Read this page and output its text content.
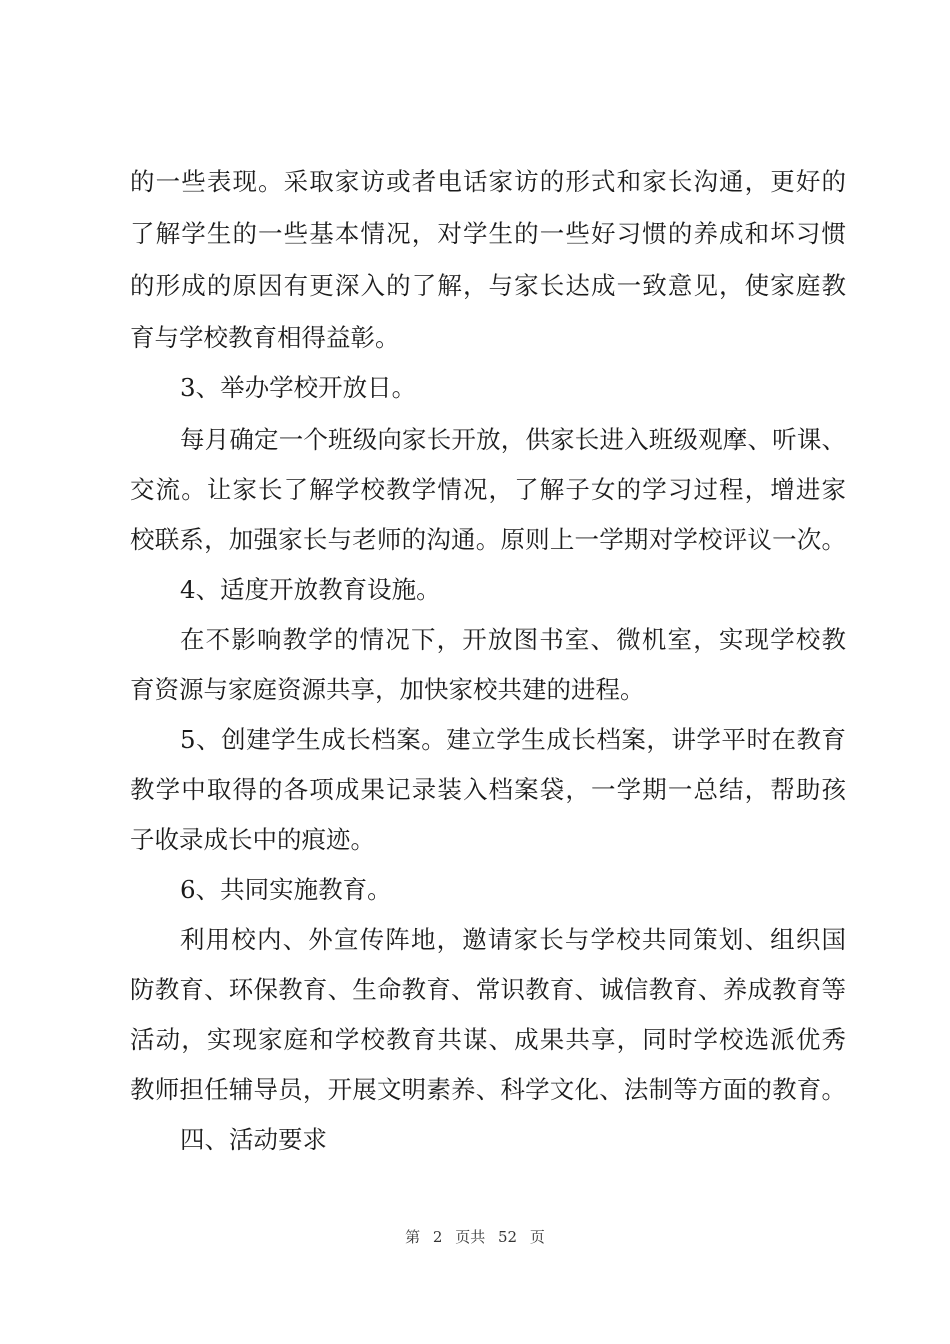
的一些表现。采取家访或者电话家访的形式和家长沟通，更好的
了解学生的一些基本情况，对学生的一些好习惯的养成和坏习惯
的形成的原因有更深入的了解，与家长达成一致意见，使家庭教
育与学校教育相得益彰。
3、举办学校开放日。
每月确定一个班级向家长开放，供家长进入班级观摩、听课、
交流。让家长了解学校教学情况，了解子女的学习过程，增进家
校联系，加强家长与老师的沟通。原则上一学期对学校评议一次。
4、适度开放教育设施。
在不影响教学的情况下，开放图书室、微机室，实现学校教
育资源与家庭资源共享，加快家校共建的进程。
5、创建学生成长档案。建立学生成长档案，讲学平时在教育
教学中取得的各项成果记录装入档案袋，一学期一总结，帮助孩
子收录成长中的痕迹。
6、共同实施教育。
利用校内、外宣传阵地，邀请家长与学校共同策划、组织国
防教育、环保教育、生命教育、常识教育、诚信教育、养成教育等
活动，实现家庭和学校教育共谋、成果共享，同时学校选派优秀
教师担任辅导员，开展文明素养、科学文化、法制等方面的教育。
四、活动要求
第 2 页共 52 页
